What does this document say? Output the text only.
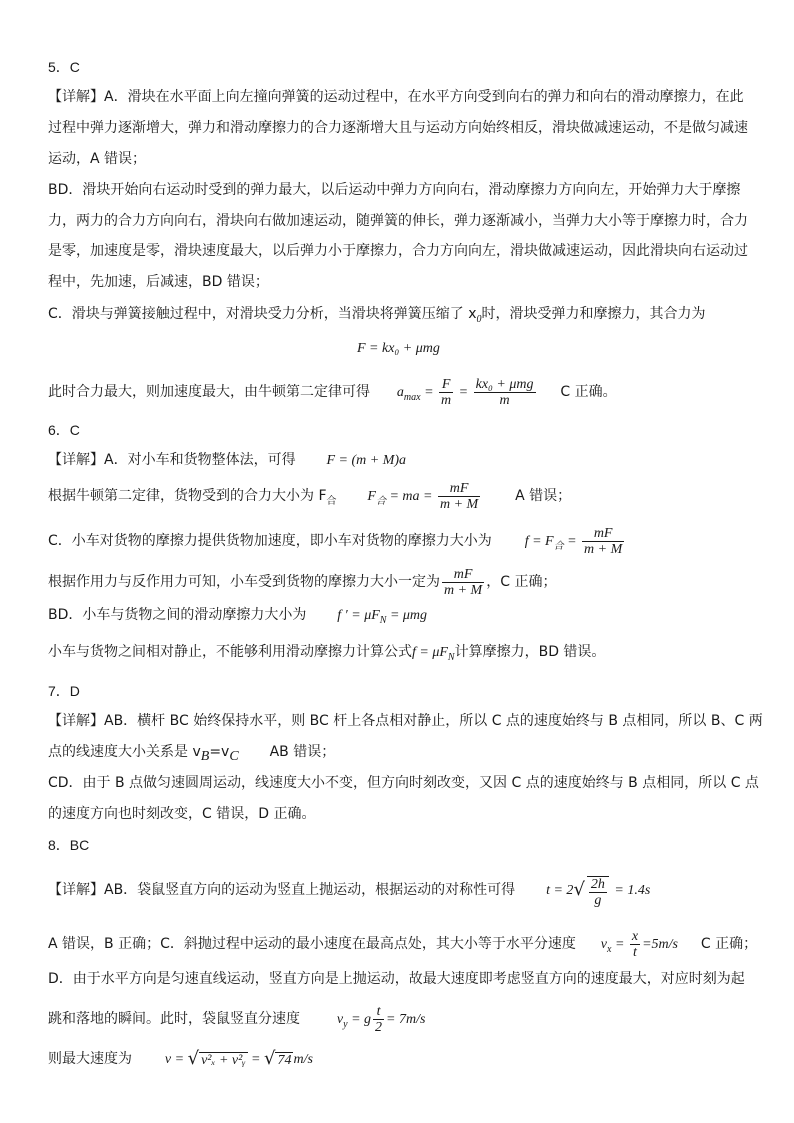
5．C
【详解】A．滑块在水平面上向左撞向弹簧的运动过程中，在水平方向受到向右的弹力和向右的滑动摩擦力，在此
过程中弹力逐渐增大，弹力和滑动摩擦力的合力逐渐增大且与运动方向始终相反，滑块做减速运动，不是做匀减速
运动，A 错误；
BD．滑块开始向右运动时受到的弹力最大，以后运动中弹力方向向右，滑动摩擦力方向向左，开始弹力大于摩擦
力，两力的合力方向向右，滑块向右做加速运动，随弹簧的伸长，弹力逐渐减小，当弹力大小等于摩擦力时，合力
是零，加速度是零，滑块速度最大，以后弹力小于摩擦力，合力方向向左，滑块做减速运动，因此滑块向右运动过
程中，先加速，后减速，BD 错误；
C．滑块与弹簧接触过程中，对滑块受力分析，当滑块将弹簧压缩了 $x_0$时，滑块受弹力和摩擦力，其合力为
F = kx₀ + μmg
此时合力最大，则加速度最大，由牛顿第二定律可得 $a_{max} = \frac{F}{m} = \frac{\text{kx₀ + μmg}}{m}$ C 正确。
6．C
【详解】A．对小车和货物整体法，可得 F = (m + M)a
根据牛顿第二定律，货物受到的合力大小为 $F_合$ $F_合$ = ma = $\frac{mF}{m + M}$ A 错误；
C．小车对货物的摩擦力提供货物加速度，即小车对货物的摩擦力大小为 $f = F_合 = \frac{mF}{m + M}$
根据作用力与反作用力可知，小车受到货物的摩擦力大小一定为 $\frac{mF}{m + M}$ ，C 正确；
BD．小车与货物之间的滑动摩擦力大小为 f ′ = $\mu F_N = \mu mg$
小车与货物之间相对静止，不能够利用滑动摩擦力计算公式$f = \mu F_N$计算摩擦力，BD 错误。
7．D
【详解】AB．横杆 BC 始终保持水平，则 BC 杆上各点相对静止，所以 C 点的速度始终与 B 点相同，所以 B、C 两
点的线速度大小关系是 $v_B=v_C$ AB 错误；
CD．由于 B 点做匀速圆周运动，线速度大小不变，但方向时刻改变，又因 C 点的速度始终与 B 点相同，所以 C 点
的速度方向也时刻改变，C 错误，D 正确。
8．BC
【详解】AB．袋鼠竖直方向的运动为竖直上抛运动，根据运动的对称性可得 $t = 2√ \frac{2h}{g} = 1.4s$
A 错误，B 正确；C．斜抛过程中运动的最小速度在最高点处，其大小等于水平分速度 $v_x = \frac{x}{t} =5m/s$ C 正确；
D．由于水平方向是匀速直线运动，竖直方向是上抛运动，故最大速度即考虑竖直方向的速度最大，对应时刻为起
跳和落地的瞬间。此时，袋鼠竖直分速度	$v_y = g \frac{t}{2} = 7m/s$
则最大速度为 v = √ v²ₓ + v²ᵧ = √ 74 m/s
